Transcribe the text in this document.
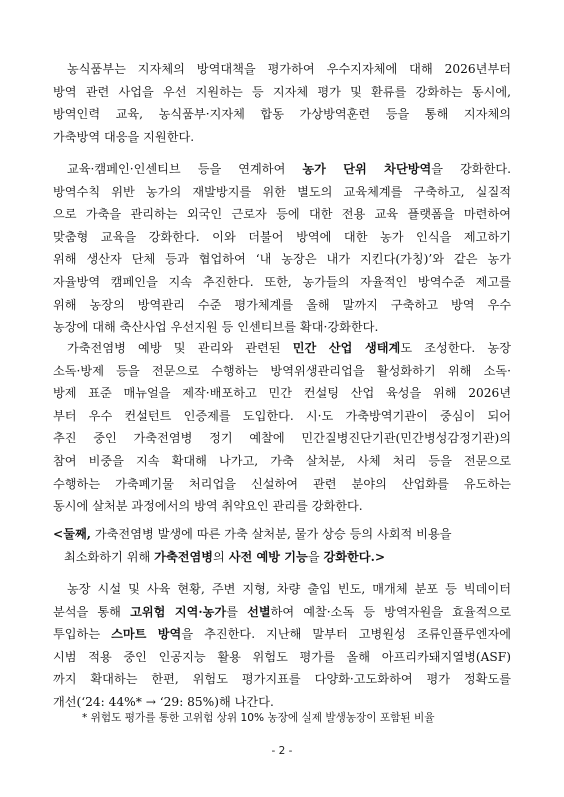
농식품부는 지자체의 방역대책을 평가하여 우수지자체에 대해 2026년부터
방역 관련 사업을 우선 지원하는 등 지자체 평가 및 환류를 강화하는 동시에,
방역인력 교육, 농식품부·지자체 합동 가상방역훈련 등을 통해 지자체의
가축방역 대응을 지원한다.
교육·캠페인·인센티브 등을 연계하여 농가 단위 차단방역을 강화한다.
방역수칙 위반 농가의 재발방지를 위한 별도의 교육체계를 구축하고, 실질적
으로 가축을 관리하는 외국인 근로자 등에 대한 전용 교육 플랫폼을 마련하여
맞춤형 교육을 강화한다. 이와 더불어 방역에 대한 농가 인식을 제고하기
위해 생산자 단체 등과 협업하여 ‘내 농장은 내가 지킨다(가칭)’와 같은 농가
자율방역 캠페인을 지속 추진한다. 또한, 농가들의 자율적인 방역수준 제고를
위해 농장의 방역관리 수준 평가체계를 올해 말까지 구축하고 방역 우수
농장에 대해 축산사업 우선지원 등 인센티브를 확대·강화한다.
가축전염병 예방 및 관리와 관련된 민간 산업 생태계도 조성한다. 농장
소독·방제 등을 전문으로 수행하는 방역위생관리업을 활성화하기 위해 소독·
방제 표준 매뉴얼을 제작·배포하고 민간 컨설팅 산업 육성을 위해 2026년
부터 우수 컨설턴트 인증제를 도입한다. 시·도 가축방역기관이 중심이 되어
추진 중인 가축전염병 정기 예찰에 민간질병진단기관(민간병성감정기관)의
참여 비중을 지속 확대해 나가고, 가축 살처분, 사체 처리 등을 전문으로
수행하는 가축폐기물 처리업을 신설하여 관련 분야의 산업화를 유도하는
동시에 살처분 과정에서의 방역 취약요인 관리를 강화한다.
<둘째, 가축전염병 발생에 따른 가축 살처분, 물가 상승 등의 사회적 비용을
최소화하기 위해 가축전염병의 사전 예방 기능을 강화한다.>
농장 시설 및 사육 현황, 주변 지형, 차량 출입 빈도, 매개체 분포 등 빅데이터
분석을 통해 고위험 지역·농가를 선별하여 예찰·소독 등 방역자원을 효율적으로
투입하는 스마트 방역을 추진한다. 지난해 말부터 고병원성 조류인플루엔자에
시범 적용 중인 인공지능 활용 위험도 평가를 올해 아프리카돼지열병(ASF)
까지 확대하는 한편, 위험도 평가지표를 다양화·고도화하여 평가 정확도를
개선(‘24: 44%* → ‘29: 85%)해 나간다.
* 위험도 평가를 통한 고위험 상위 10% 농장에 실제 발생농장이 포함된 비율
- 2 -
